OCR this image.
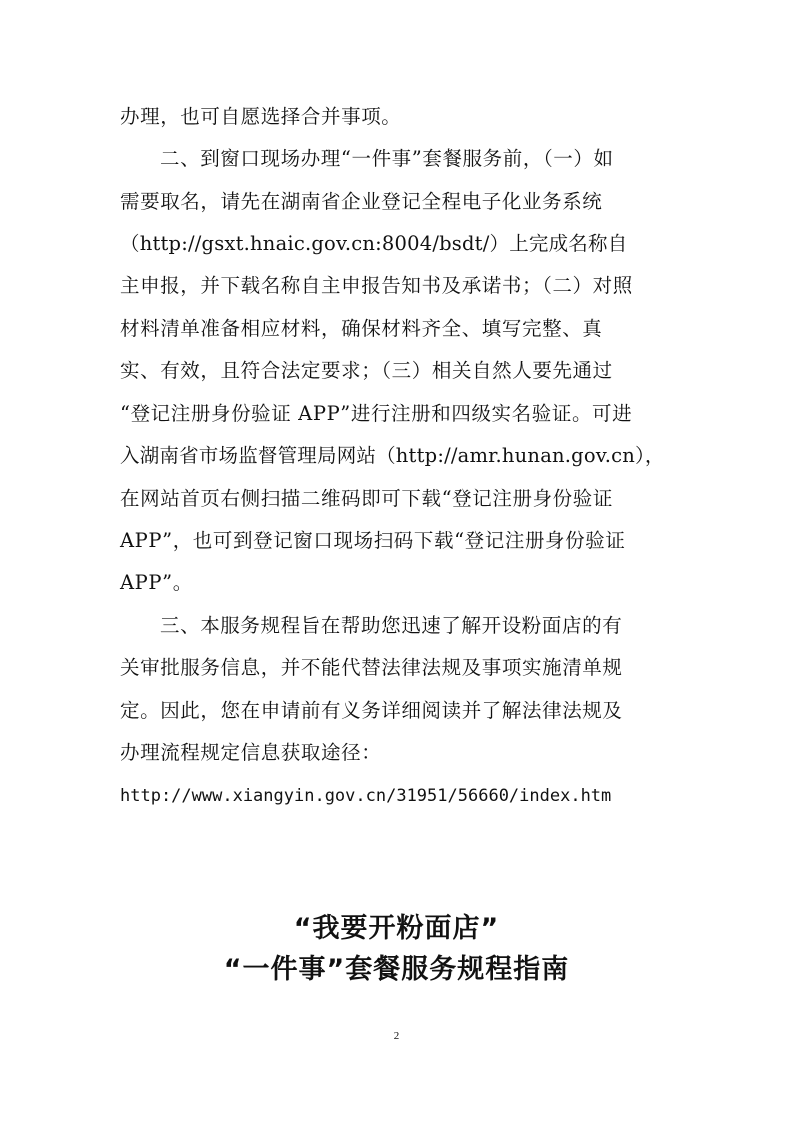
办理，也可自愿选择合并事项。
二、到窗口现场办理“一件事”套餐服务前，（一）如
需要取名，请先在湖南省企业登记全程电子化业务系统
（http://gsxt.hnaic.gov.cn:8004/bsdt/）上完成名称自
主申报，并下载名称自主申报告知书及承诺书；（二）对照
材料清单准备相应材料，确保材料齐全、填写完整、真
实、有效，且符合法定要求；（三）相关自然人要先通过
“登记注册身份验证 APP”进行注册和四级实名验证。可进
入湖南省市场监督管理局网站（http://amr.hunan.gov.cn），
在网站首页右侧扫描二维码即可下载“登记注册身份验证
APP”，也可到登记窗口现场扫码下载“登记注册身份验证
APP”。
三、本服务规程旨在帮助您迅速了解开设粉面店的有
关审批服务信息，并不能代替法律法规及事项实施清单规
定。因此，您在申请前有义务详细阅读并了解法律法规及
办理流程规定信息获取途径：
http://www.xiangyin.gov.cn/31951/56660/index.htm
“我要开粉面店”
“一件事”套餐服务规程指南
2
